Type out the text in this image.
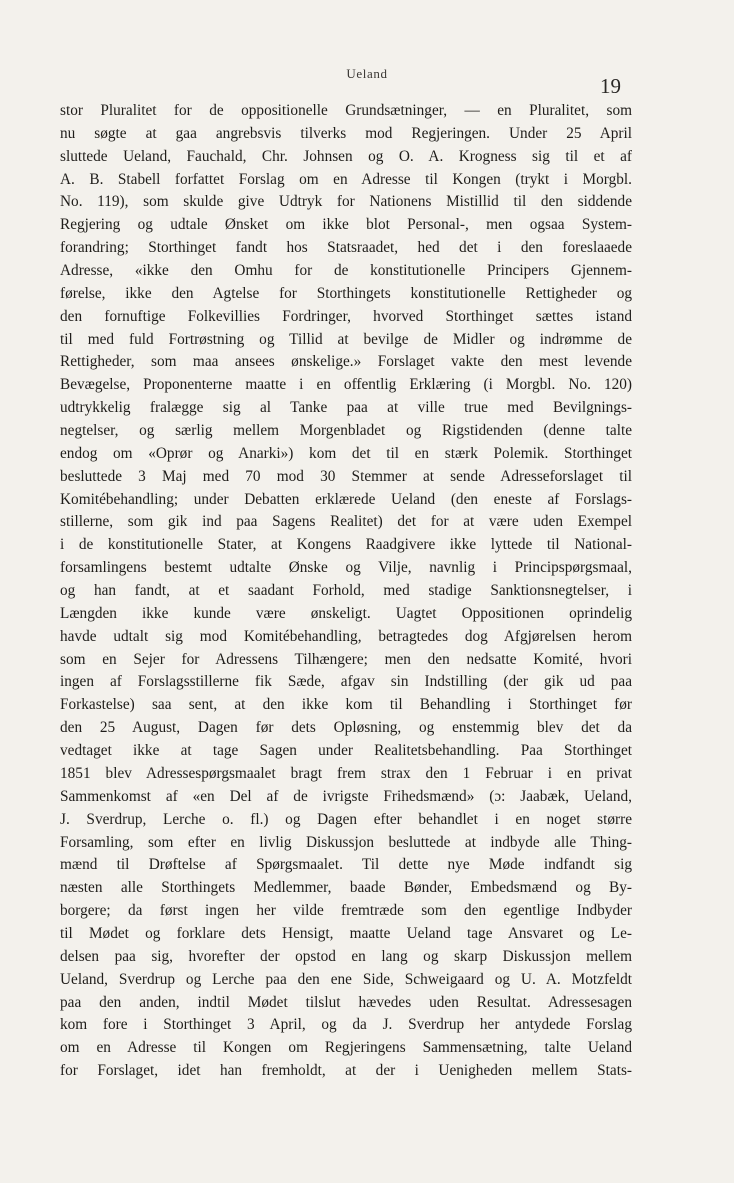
Ueland
19
stor Pluralitet for de oppositionelle Grundsætninger, — en Pluralitet, som
nu søgte at gaa angrebsvis tilverks mod Regjeringen. Under 25 April
sluttede Ueland, Fauchald, Chr. Johnsen og O. A. Krogness sig til et af
A. B. Stabell forfattet Forslag om en Adresse til Kongen (trykt i Morgbl.
No. 119), som skulde give Udtryk for Nationens Mistillid til den siddende
Regjering og udtale Ønsket om ikke blot Personal-, men ogsaa System-
forandring; Storthinget fandt hos Statsraadet, hed det i den foreslaaede
Adresse, «ikke den Omhu for de konstitutionelle Principers Gjennem-
førelse, ikke den Agtelse for Storthingets konstitutionelle Rettigheder og
den fornuftige Folkevillies Fordringer, hvorved Storthinget sættes istand
til med fuld Fortrøstning og Tillid at bevilge de Midler og indrømme de
Rettigheder, som maa ansees ønskelige.» Forslaget vakte den mest levende
Bevægelse, Proponenterne maatte i en offentlig Erklæring (i Morgbl. No. 120)
udtrykkelig fralægge sig al Tanke paa at ville true med Bevilgnings-
negtelser, og særlig mellem Morgenbladet og Rigstidenden (denne talte
endog om «Oprør og Anarki») kom det til en stærk Polemik. Storthinget
besluttede 3 Maj med 70 mod 30 Stemmer at sende Adresseforslaget til
Komitébehandling; under Debatten erklærede Ueland (den eneste af Forslags-
stillerne, som gik ind paa Sagens Realitet) det for at være uden Exempel
i de konstitutionelle Stater, at Kongens Raadgivere ikke lyttede til National-
forsamlingens bestemt udtalte Ønske og Vilje, navnlig i Principspørgsmaal,
og han fandt, at et saadant Forhold, med stadige Sanktionsnegtelser, i
Længden ikke kunde være ønskeligt. Uagtet Oppositionen oprindelig
havde udtalt sig mod Komitébehandling, betragtedes dog Afgjørelsen herom
som en Sejer for Adressens Tilhængere; men den nedsatte Komité, hvori
ingen af Forslagsstillerne fik Sæde, afgav sin Indstilling (der gik ud paa
Forkastelse) saa sent, at den ikke kom til Behandling i Storthinget før
den 25 August, Dagen før dets Opløsning, og enstemmig blev det da
vedtaget ikke at tage Sagen under Realitetsbehandling. Paa Storthinget
1851 blev Adressespørgsmaalet bragt frem strax den 1 Februar i en privat
Sammenkomst af «en Del af de ivrigste Frihedsmænd» (ɔ: Jaabæk, Ueland,
J. Sverdrup, Lerche o. fl.) og Dagen efter behandlet i en noget større
Forsamling, som efter en livlig Diskussjon besluttede at indbyde alle Thing-
mænd til Drøftelse af Spørgsmaalet. Til dette nye Møde indfandt sig
næsten alle Storthingets Medlemmer, baade Bønder, Embedsmænd og By-
borgere; da først ingen her vilde fremtræde som den egentlige Indbyder
til Mødet og forklare dets Hensigt, maatte Ueland tage Ansvaret og Le-
delsen paa sig, hvorefter der opstod en lang og skarp Diskussjon mellem
Ueland, Sverdrup og Lerche paa den ene Side, Schweigaard og U. A. Motzfeldt
paa den anden, indtil Mødet tilslut hævedes uden Resultat. Adressesagen
kom fore i Storthinget 3 April, og da J. Sverdrup her antydede Forslag
om en Adresse til Kongen om Regjeringens Sammensætning, talte Ueland
for Forslaget, idet han fremholdt, at der i Uenigheden mellem Stats-
